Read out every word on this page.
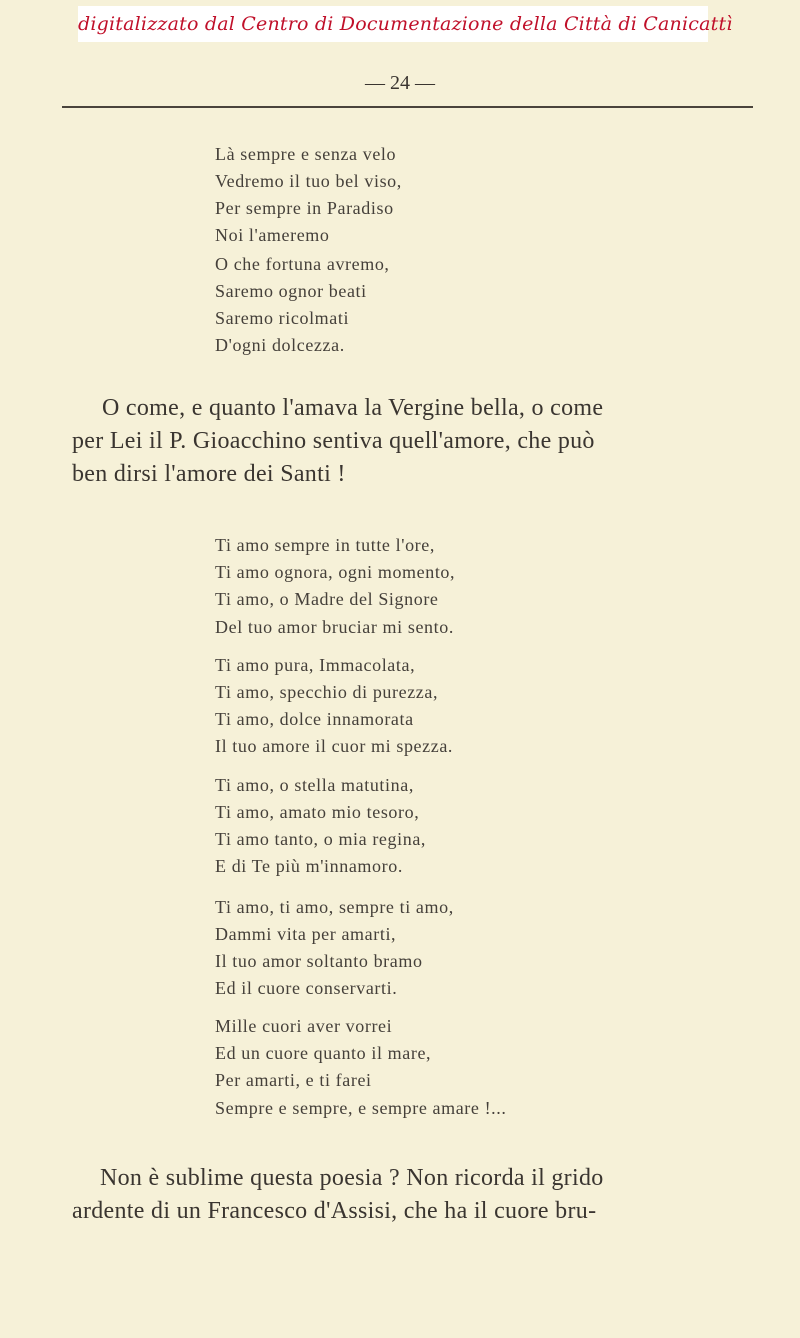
digitalizzato dal Centro di Documentazione della Città di Canicattì
— 24 —
Là sempre e senza velo
Vedremo il tuo bel viso,
Per sempre in Paradiso
Noi l'ameremo
O che fortuna avremo,
Saremo ognor beati
Saremo ricolmati
D'ogni dolcezza.
O come, e quanto l'amava la Vergine bella, o come
per Lei il P. Gioacchino sentiva quell'amore, che può
ben dirsi l'amore dei Santi !
Ti amo sempre in tutte l'ore,
Ti amo ognora, ogni momento,
Ti amo, o Madre del Signore
Del tuo amor bruciar mi sento.
Ti amo pura, Immacolata,
Ti amo, specchio di purezza,
Ti amo, dolce innamorata
Il tuo amore il cuor mi spezza.
Ti amo, o stella matutina,
Ti amo, amato mio tesoro,
Ti amo tanto, o mia regina,
E di Te più m'innamoro.
Ti amo, ti amo, sempre ti amo,
Dammi vita per amarti,
Il tuo amor soltanto bramo
Ed il cuore conservarti.
Mille cuori aver vorrei
Ed un cuore quanto il mare,
Per amarti, e ti farei
Sempre e sempre, e sempre amare !...
Non è sublime questa poesia ? Non ricorda il grido
ardente di un Francesco d'Assisi, che ha il cuore bru-
